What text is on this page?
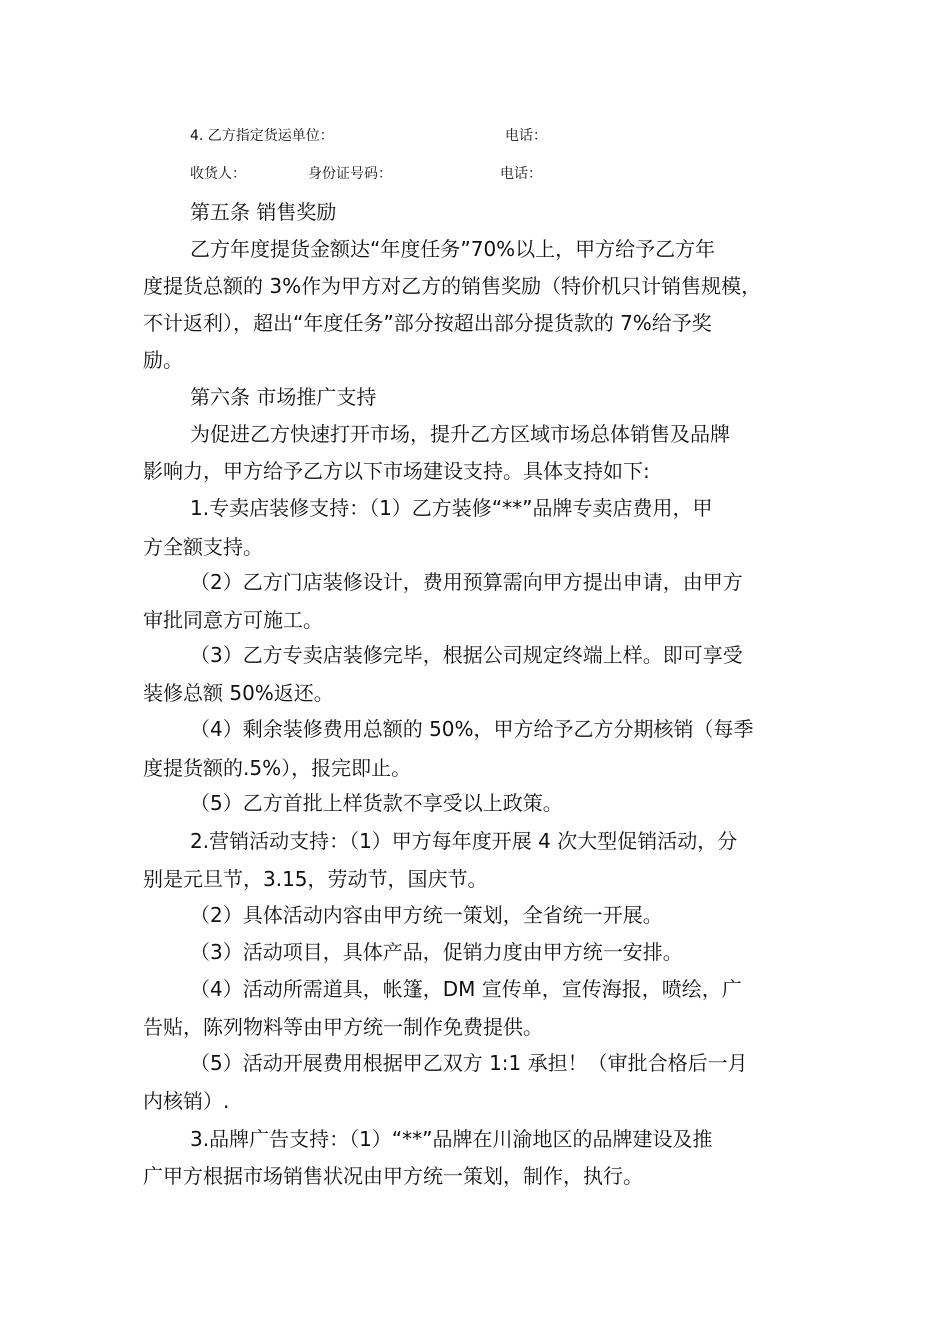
4. 乙方指定货运单位：	电话：
收货人：	身份证号码：	电话：
第五条 销售奖励
乙方年度提货金额达“年度任务”70%以上，甲方给予乙方年
度提货总额的 3%作为甲方对乙方的销售奖励（特价机只计销售规模，
不计返利），超出“年度任务”部分按超出部分提货款的 7%给予奖
励。
第六条 市场推广支持
为促进乙方快速打开市场，提升乙方区域市场总体销售及品牌
影响力，甲方给予乙方以下市场建设支持。具体支持如下:
1.专卖店装修支持：（1）乙方装修“**”品牌专卖店费用，甲
方全额支持。
（2）乙方门店装修设计，费用预算需向甲方提出申请，由甲方
审批同意方可施工。
（3）乙方专卖店装修完毕，根据公司规定终端上样。即可享受
装修总额 50%返还。
（4）剩余装修费用总额的 50%，甲方给予乙方分期核销（每季
度提货额的.5%），报完即止。
（5）乙方首批上样货款不享受以上政策。
2.营销活动支持：（1）甲方每年度开展 4 次大型促销活动，分
别是元旦节，3.15，劳动节，国庆节。
（2）具体活动内容由甲方统一策划，全省统一开展。
（3）活动项目，具体产品，促销力度由甲方统一安排。
（4）活动所需道具，帐篷，DM 宣传单，宣传海报，喷绘，广
告贴，陈列物料等由甲方统一制作免费提供。
（5）活动开展费用根据甲乙双方 1:1 承担！（审批合格后一月
内核销）.
3.品牌广告支持：（1）“**”品牌在川渝地区的品牌建设及推
广甲方根据市场销售状况由甲方统一策划，制作，执行。
